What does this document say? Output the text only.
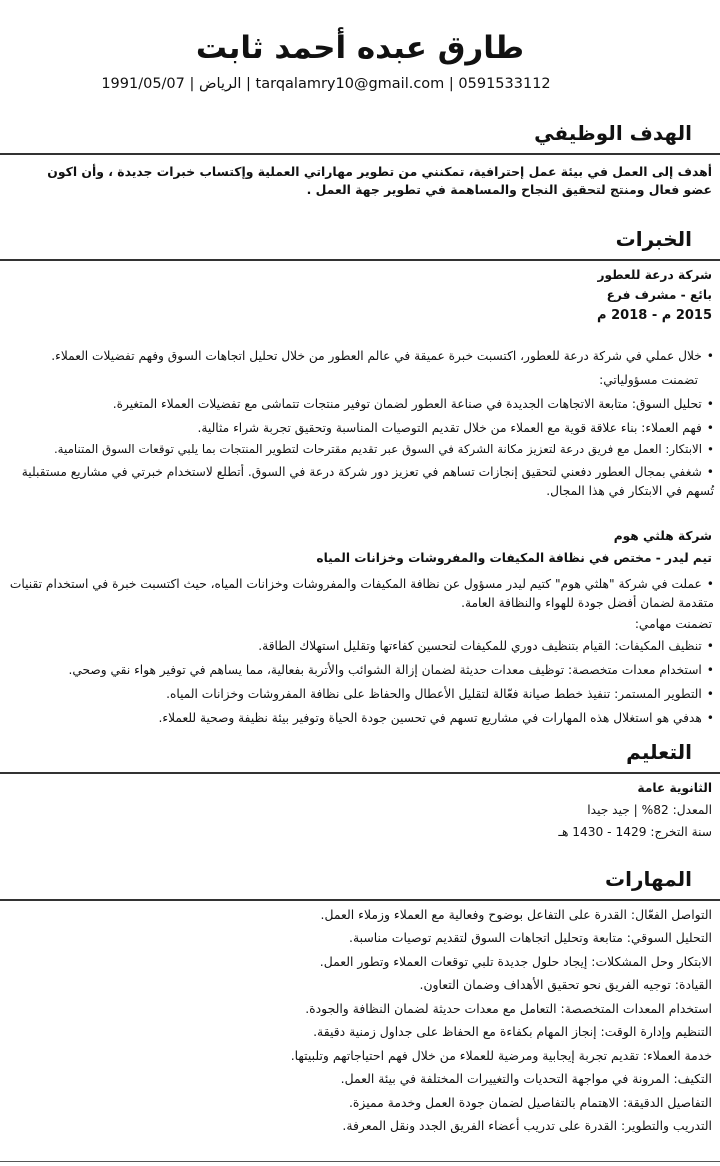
طارق عبده أحمد ثابت
0591533112 | tarqalamry10@gmail.com | الرياض | 1991/05/07
الهدف الوظيفي
أهدف إلى العمل في بيئة عمل إحترافية، تمكنني من تطوير مهاراتي العملية وإكتساب خبرات جديدة ، وأن اكون عضو فعال ومنتج لتحقيق النجاح والمساهمة في تطوير جهة العمل .
الخبرات
شركة درعة للعطور
بائع - مشرف فرع
2015 م - 2018 م
• خلال عملي في شركة درعة للعطور، اكتسبت خبرة عميقة في عالم العطور من خلال تحليل اتجاهات السوق وفهم تفضيلات العملاء.
تضمنت مسؤولياتي:
• تحليل السوق: متابعة الاتجاهات الجديدة في صناعة العطور لضمان توفير منتجات تتماشى مع تفضيلات العملاء المتغيرة.
• فهم العملاء: بناء علاقة قوية مع العملاء من خلال تقديم التوصيات المناسبة وتحقيق تجربة شراء مثالية.
• الابتكار: العمل مع فريق درعة لتعزيز مكانة الشركة في السوق عبر تقديم مقترحات لتطوير المنتجات بما يلبي توقعات السوق المتنامية.
• شغفي بمجال العطور دفعني لتحقيق إنجازات تساهم في تعزيز دور شركة درعة في السوق. أتطلع لاستخدام خبرتي في مشاريع مستقبلية تُسهم في الابتكار في هذا المجال.
شركة هلثي هوم
تيم ليدر - مختص في نظافة المكيفات والمفروشات وخزانات المياه
• عملت في شركة "هلثي هوم" كتيم ليدر مسؤول عن نظافة المكيفات والمفروشات وخزانات المياه، حيث اكتسبت خبرة في استخدام تقنيات متقدمة لضمان أفضل جودة للهواء والنظافة العامة.
تضمنت مهامي:
• تنظيف المكيفات: القيام بتنظيف دوري للمكيفات لتحسين كفاءتها وتقليل استهلاك الطاقة.
• استخدام معدات متخصصة: توظيف معدات حديثة لضمان إزالة الشوائب والأتربة بفعالية، مما يساهم في توفير هواء نقي وصحي.
• التطوير المستمر: تنفيذ خطط صيانة فعّالة لتقليل الأعطال والحفاظ على نظافة المفروشات وخزانات المياه.
• هدفي هو استغلال هذه المهارات في مشاريع تسهم في تحسين جودة الحياة وتوفير بيئة نظيفة وصحية للعملاء.
التعليم
الثانوية عامة
المعدل: 82% | جيد جيدا
سنة التخرج: 1429 - 1430 هـ
المهارات
التواصل الفعّال: القدرة على التفاعل بوضوح وفعالية مع العملاء وزملاء العمل.
التحليل السوقي: متابعة وتحليل اتجاهات السوق لتقديم توصيات مناسبة.
الابتكار وحل المشكلات: إيجاد حلول جديدة تلبي توقعات العملاء وتطور العمل.
القيادة: توجيه الفريق نحو تحقيق الأهداف وضمان التعاون.
استخدام المعدات المتخصصة: التعامل مع معدات حديثة لضمان النظافة والجودة.
التنظيم وإدارة الوقت: إنجاز المهام بكفاءة مع الحفاظ على جداول زمنية دقيقة.
خدمة العملاء: تقديم تجربة إيجابية ومرضية للعملاء من خلال فهم احتياجاتهم وتلبيتها.
التكيف: المرونة في مواجهة التحديات والتغييرات المختلفة في بيئة العمل.
التفاصيل الدقيقة: الاهتمام بالتفاصيل لضمان جودة العمل وخدمة مميزة.
التدريب والتطوير: القدرة على تدريب أعضاء الفريق الجدد ونقل المعرفة.
